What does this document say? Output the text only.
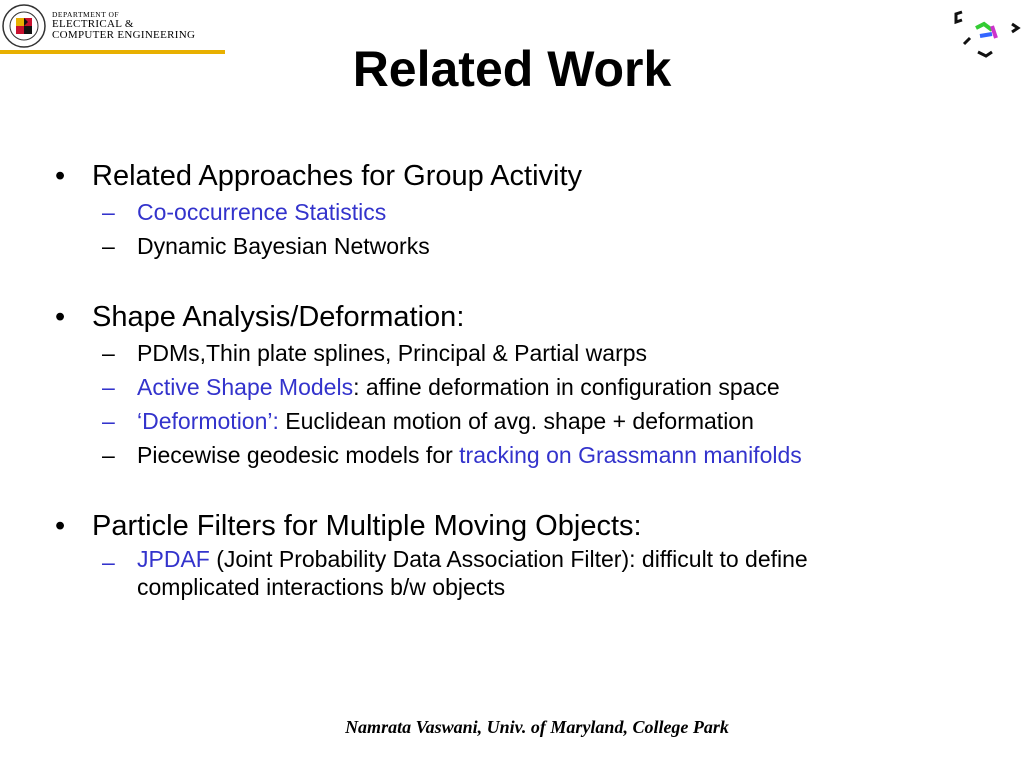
DEPARTMENT OF
ELECTRICAL &
COMPUTER ENGINEERING
Related Work
• Related Approaches for Group Activity
– Co-occurrence Statistics
– Dynamic Bayesian Networks
• Shape Analysis/Deformation:
– PDMs,Thin plate splines, Principal & Partial warps
– Active Shape Models: affine deformation in configuration space
– ‘Deformotion’: Euclidean motion of avg. shape + deformation
– Piecewise geodesic models for tracking on Grassmann manifolds
• Particle Filters for Multiple Moving Objects:
– JPDAF (Joint Probability Data Association Filter): difficult to define
complicated interactions b/w objects
Namrata Vaswani, Univ. of Maryland, College Park
